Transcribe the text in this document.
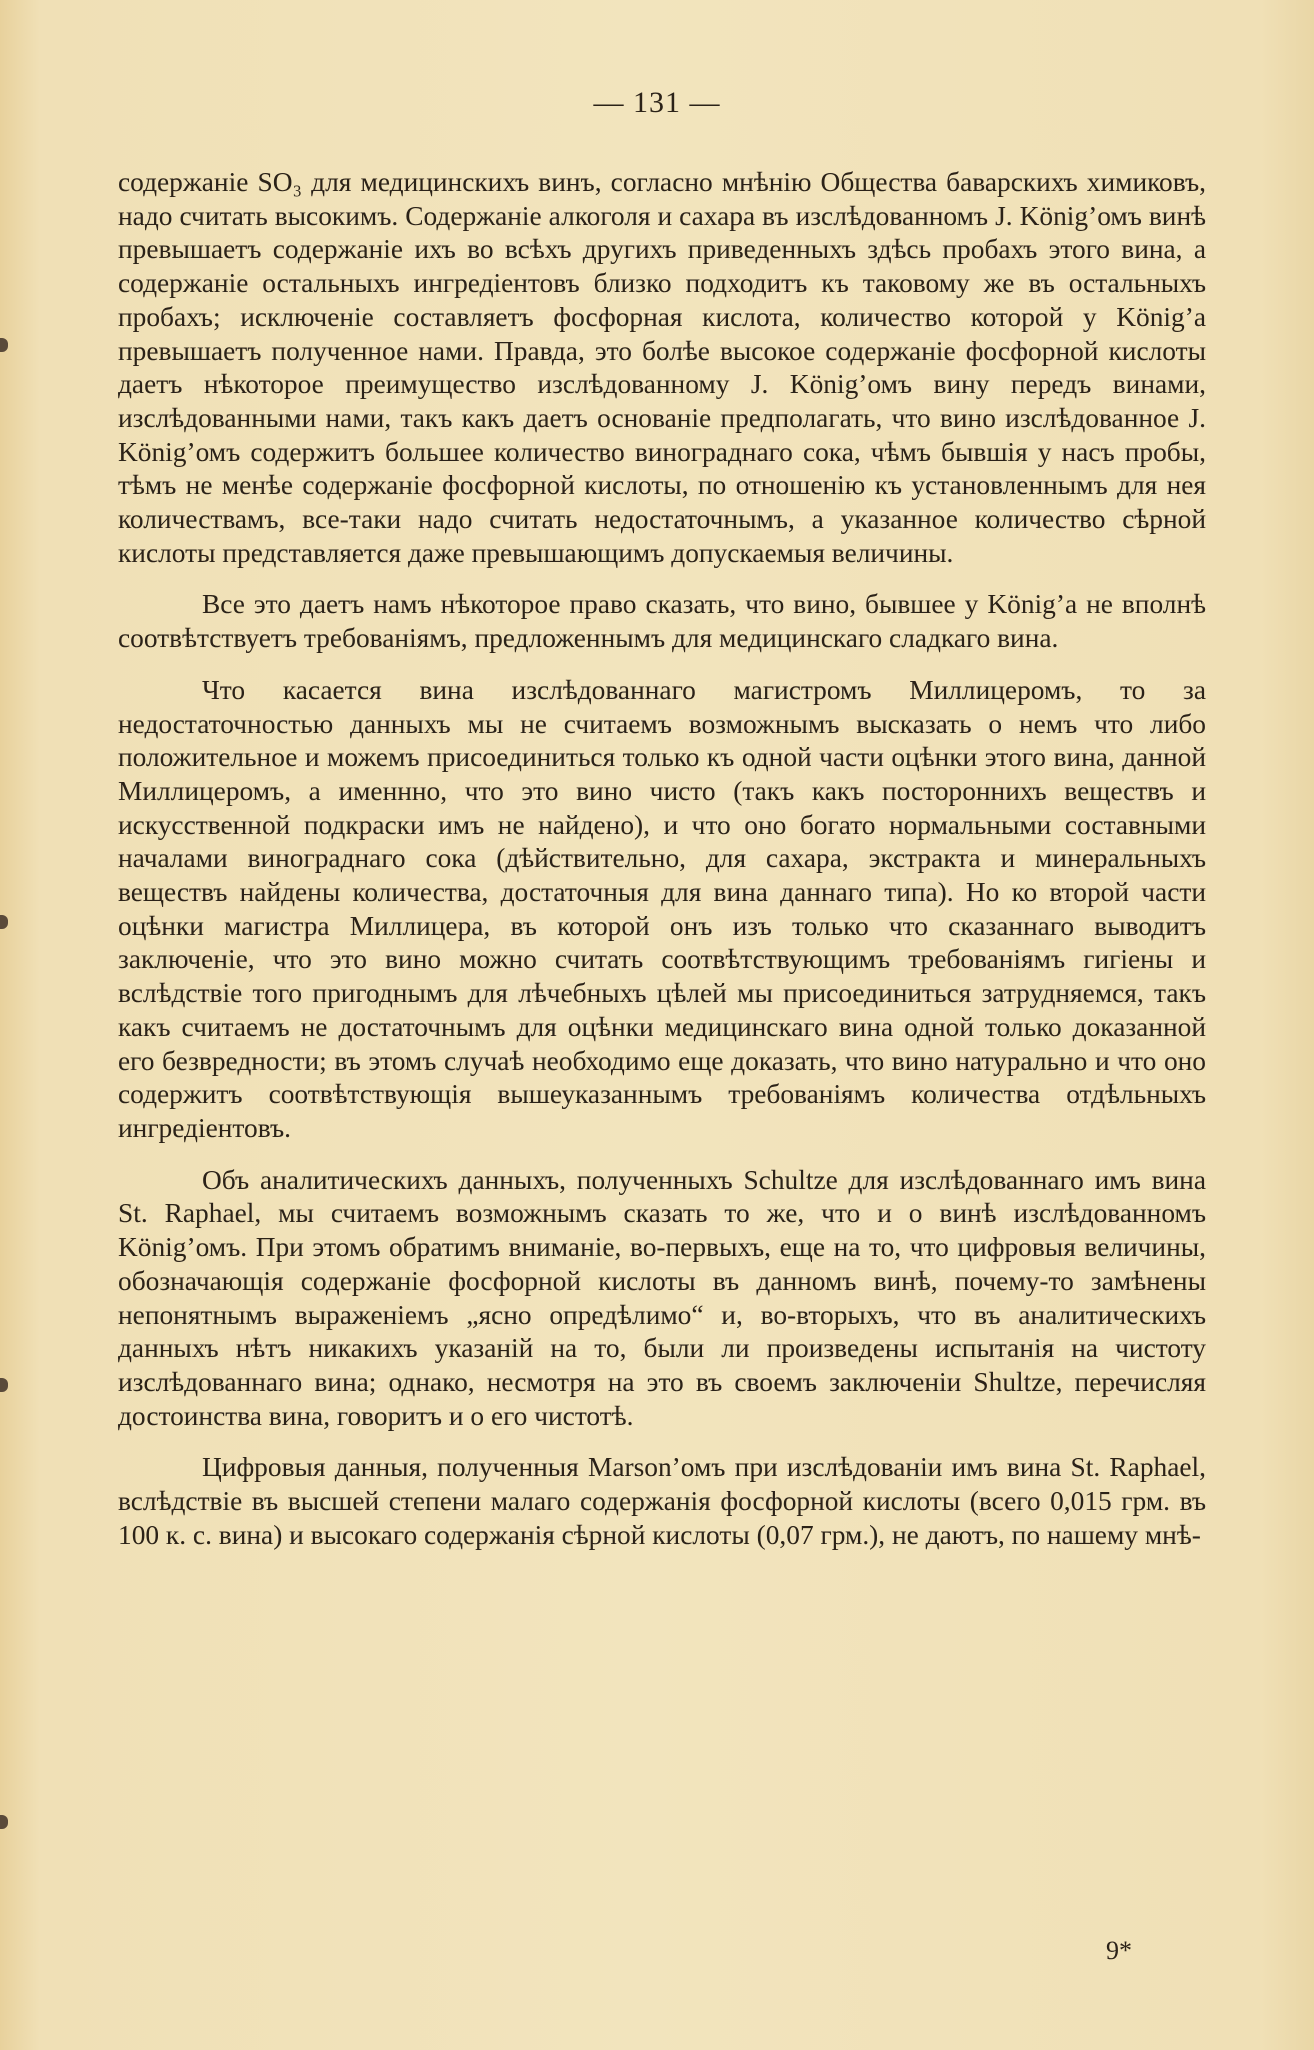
— 131 —

содержанiе SO₃ для медицинскихъ винъ, согласно мнѣнiю Общества баварскихъ химиковъ, надо считать высокимъ. Содержанiе алкоголя и сахара въ изслѣдованномъ J. König’омъ винѣ превышаетъ содержанiе ихъ во всѣхъ другихъ приведенныхъ здѣсь пробахъ этого вина, а содержанiе остальныхъ ингредiентовъ близко подходитъ къ таковому же въ остальныхъ пробахъ; исключенiе составляетъ фосфорная кислота, количество которой у König’а превышаетъ полученное нами. Правда, это болѣе высокое содержанiе фосфорной кислоты даетъ нѣкоторое преимущество изслѣдованному J. König’омъ вину передъ винами, изслѣдованными нами, такъ какъ даетъ основанiе предполагать, что вино изслѣдованное J. König’омъ содержитъ большее количество винограднаго сока, чѣмъ бывшiя у насъ пробы, тѣмъ не менѣе содержанiе фосфорной кислоты, по отношенiю къ установленнымъ для нея количествамъ, все-таки надо считать недостаточнымъ, а указанное количество сѣрной кислоты представляется даже превышающимъ допускаемыя величины.

Все это даетъ намъ нѣкоторое право сказать, что вино, бывшее у König’а не вполнѣ соотвѣтствуетъ требованiямъ, предложеннымъ для медицинскаго сладкаго вина.

Что касается вина изслѣдованнаго магистромъ Миллицеромъ, то за недостаточностью данныхъ мы не считаемъ возможнымъ высказать о немъ что либо положительное и можемъ присоединиться только къ одной части оцѣнки этого вина, данной Миллицеромъ, а именнно, что это вино чисто (такъ какъ постороннихъ веществъ и искусственной подкраски имъ не найдено), и что оно богато нормальными составными началами винограднаго сока (дѣйствительно, для сахара, экстракта и минеральныхъ веществъ найдены количества, достаточныя для вина даннаго типа). Но ко второй части оцѣнки магистра Миллицера, въ которой онъ изъ только что сказаннаго выводитъ заключенiе, что это вино можно считать соотвѣтствующимъ требованiямъ гигiены и вслѣдствiе того пригоднымъ для лѣчебныхъ цѣлей мы присоединиться затрудняемся, такъ какъ считаемъ не достаточнымъ для оцѣнки медицинскаго вина одной только доказанной его безвредности; въ этомъ случаѣ необходимо еще доказать, что вино натурально и что оно содержитъ соотвѣтствующiя вышеуказаннымъ требованiямъ количества отдѣльныхъ ингредiентовъ.

Объ аналитическихъ данныхъ, полученныхъ Schultze для изслѣдованнаго имъ вина St. Raphael, мы считаемъ возможнымъ сказать то же, что и о винѣ изслѣдованномъ König’омъ. При этомъ обратимъ вниманiе, во-первыхъ, еще на то, что цифровыя величины, обозначающiя содержанiе фосфорной кислоты въ данномъ винѣ, почему-то замѣнены непонятнымъ выраженiемъ „ясно опредѣлимо“ и, во-вторыхъ, что въ аналитическихъ данныхъ нѣтъ никакихъ указанiй на то, были ли произведены испытанiя на чистоту изслѣдованнаго вина; однако, несмотря на это въ своемъ заключенiи Shultze, перечисляя достоинства вина, говоритъ и о его чистотѣ.

Цифровыя данныя, полученныя Marson’омъ при изслѣдованiи имъ вина St. Raphael, вслѣдствiе въ высшей степени малаго содержанiя фосфорной кислоты (всего 0,015 грм. въ 100 к. с. вина) и высокаго содержанiя сѣрной кислоты (0,07 грм.), не даютъ, по нашему мнѣ-

9*
